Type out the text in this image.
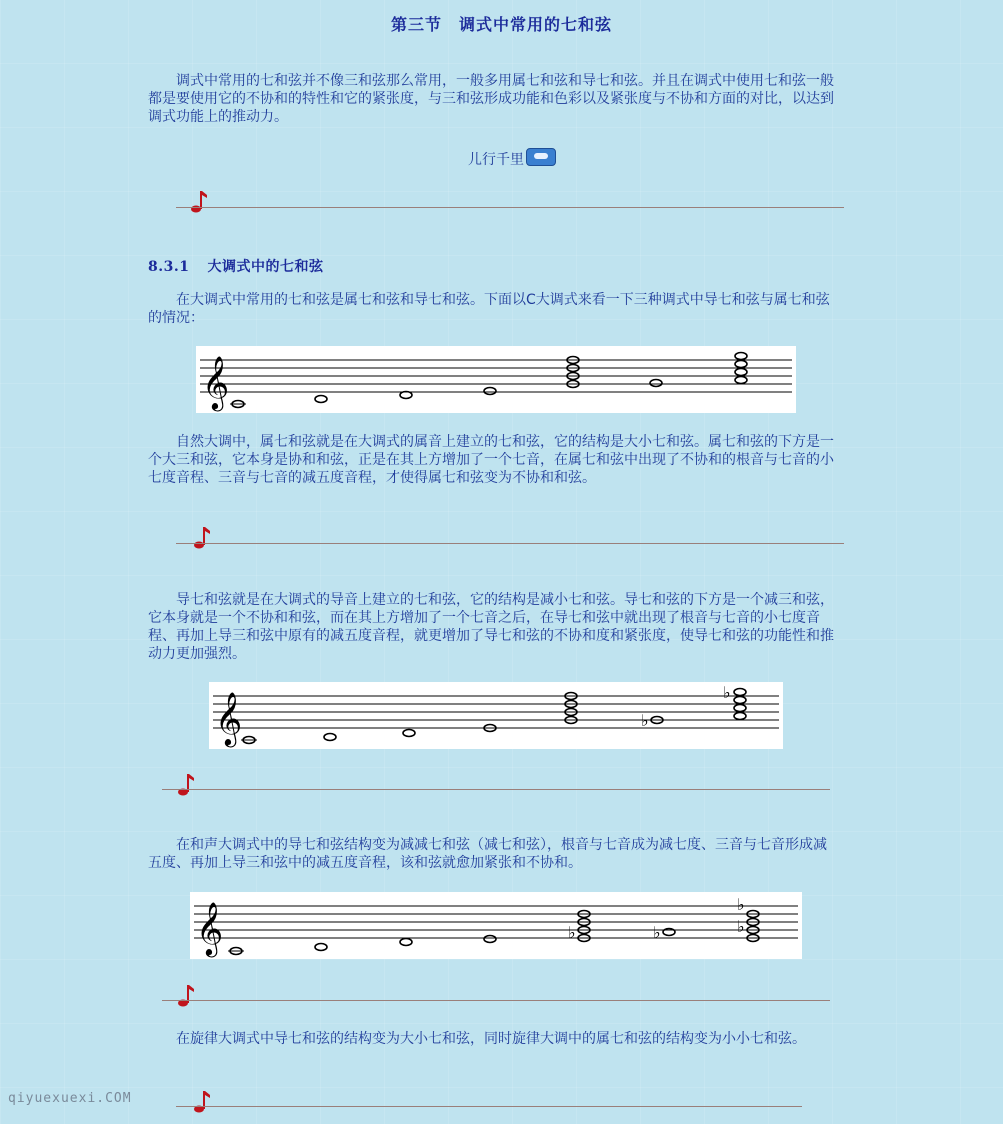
第三节　调式中常用的七和弦
调式中常用的七和弦并不像三和弦那么常用，一般多用属七和弦和导七和弦。并且在调式中使用七和弦一般都是要使用它的不协和的特性和它的紧张度，与三和弦形成功能和色彩以及紧张度与不协和方面的对比，以达到调式功能上的推动力。
儿行千里
8.3.1 大调式中的七和弦
在大调式中常用的七和弦是属七和弦和导七和弦。下面以C大调式来看一下三种调式中导七和弦与属七和弦的情况：
𝄞
自然大调中，属七和弦就是在大调式的属音上建立的七和弦，它的结构是大小七和弦。属七和弦的下方是一个大三和弦，它本身是协和和弦，正是在其上方增加了一个七音，在属七和弦中出现了不协和的根音与七音的小七度音程、三音与七音的减五度音程，才使得属七和弦变为不协和和弦。
导七和弦就是在大调式的导音上建立的七和弦，它的结构是减小七和弦。导七和弦的下方是一个减三和弦，它本身就是一个不协和和弦，而在其上方增加了一个七音之后，在导七和弦中就出现了根音与七音的小七度音程、再加上导三和弦中原有的减五度音程，就更增加了导七和弦的不协和度和紧张度，使导七和弦的功能性和推动力更加强烈。
𝄞	♭
♭
在和声大调式中的导七和弦结构变为减减七和弦（减七和弦），根音与七音成为减七度、三音与七音形成减五度、再加上导三和弦中的减五度音程，该和弦就愈加紧张和不协和。
𝄞	♭	♭
♭
♭
在旋律大调式中导七和弦的结构变为大小七和弦，同时旋律大调中的属七和弦的结构变为小小七和弦。
qiyuexuexi.COM
